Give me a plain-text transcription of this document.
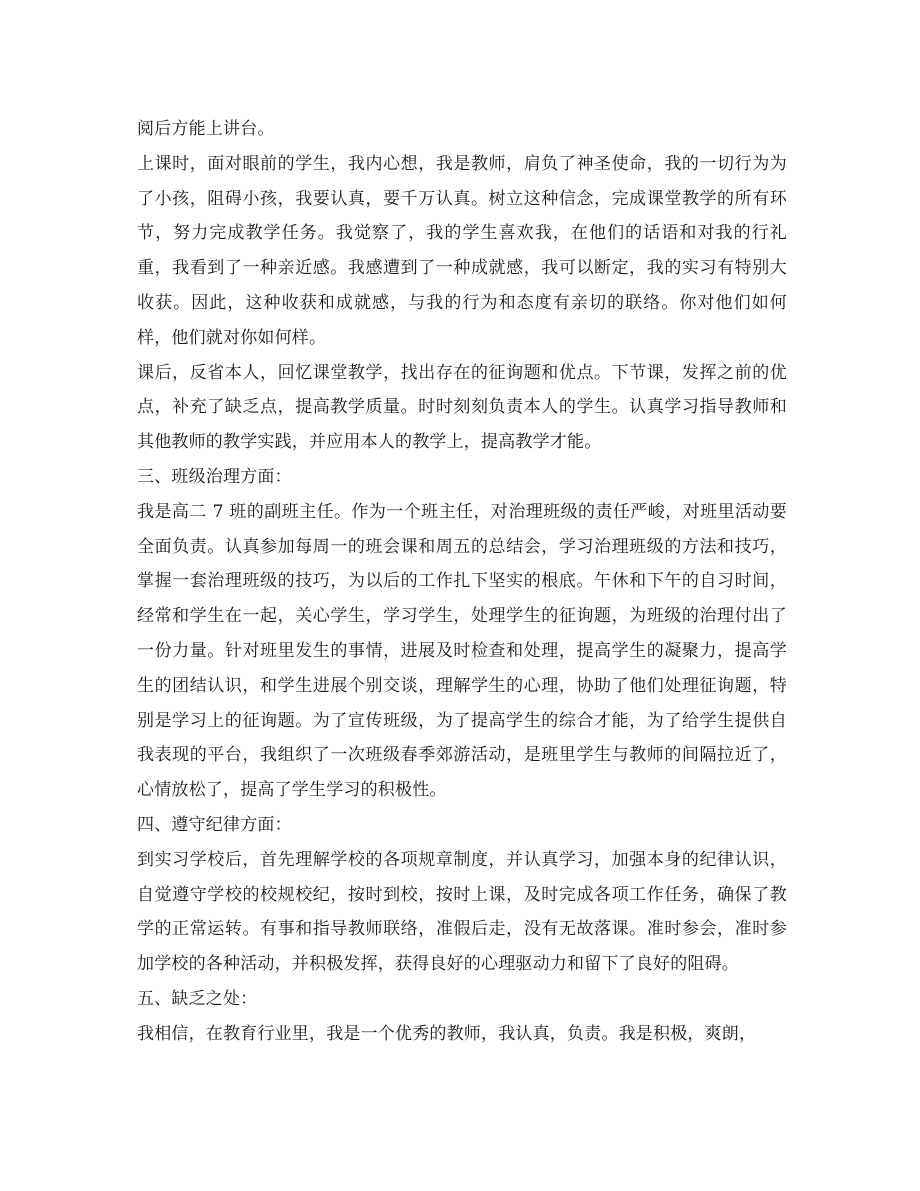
阅后方能上讲台。

上课时，面对眼前的学生，我内心想，我是教师，肩负了神圣使命，我的一切行为为了小孩，阻碍小孩，我要认真，要千万认真。树立这种信念，完成课堂教学的所有环节，努力完成教学任务。我觉察了，我的学生喜欢我，在他们的话语和对我的行礼重，我看到了一种亲近感。我感遭到了一种成就感，我可以断定，我的实习有特别大收获。因此，这种收获和成就感，与我的行为和态度有亲切的联络。你对他们如何样，他们就对你如何样。

课后，反省本人，回忆课堂教学，找出存在的征询题和优点。下节课，发挥之前的优点，补充了缺乏点，提高教学质量。时时刻刻负责本人的学生。认真学习指导教师和其他教师的教学实践，并应用本人的教学上，提高教学才能。

三、班级治理方面：

我是高二 7 班的副班主任。作为一个班主任，对治理班级的责任严峻，对班里活动要全面负责。认真参加每周一的班会课和周五的总结会，学习治理班级的方法和技巧，掌握一套治理班级的技巧，为以后的工作扎下坚实的根底。午休和下午的自习时间，经常和学生在一起，关心学生，学习学生，处理学生的征询题，为班级的治理付出了一份力量。针对班里发生的事情，进展及时检查和处理，提高学生的凝聚力，提高学生的团结认识，和学生进展个别交谈，理解学生的心理，协助了他们处理征询题，特别是学习上的征询题。为了宣传班级，为了提高学生的综合才能，为了给学生提供自我表现的平台，我组织了一次班级春季郊游活动，是班里学生与教师的间隔拉近了，心情放松了，提高了学生学习的积极性。

四、遵守纪律方面：

到实习学校后，首先理解学校的各项规章制度，并认真学习，加强本身的纪律认识，自觉遵守学校的校规校纪，按时到校，按时上课，及时完成各项工作任务，确保了教学的正常运转。有事和指导教师联络，准假后走，没有无故落课。准时参会，准时参加学校的各种活动，并积极发挥，获得良好的心理驱动力和留下了良好的阻碍。

五、缺乏之处：

我相信，在教育行业里，我是一个优秀的教师，我认真，负责。我是积极，爽朗，
